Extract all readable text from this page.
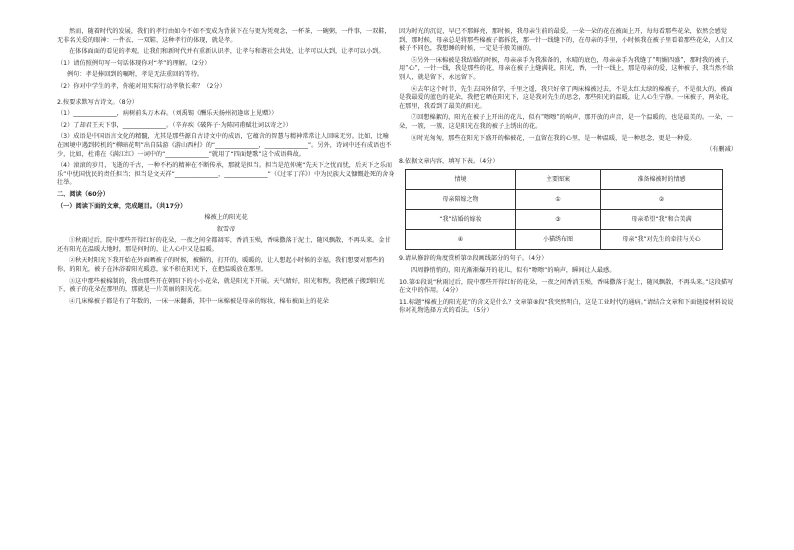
然而，随着时代的发展，我们的孝行由如今不如不变成为背景下在与更为凭观念，一杯茶，一碗粥，一件事，一双鞋，无非名关爱的眼神：一件衣、一双鞋、这种孝行的体现，就是孝。

在体体面面的看见的孝观，让我们和新时代并有重新认识孝，让孝与和谐社会共处，让孝可以大到，让孝可以小到。

（1）请仿照例句写一句话体现你对“孝”的理解。（2分）

例句：孝是捧回到的嘱咐，孝是无法重回的等待。

（2）你对中学生的孝，你能对用实际行动孝敬长辈？（2分）

2.按要求默写古诗文。（8分）

（1）______________，病树前头万木春。（刘禹锡《酬乐天扬州初逢席上见赠》）

（2）了却君王天下事，______________。（辛弃疾《破阵子·为陈同甫赋壮词以寄之》）

（3）成语是中国语言文化的精髓，尤其是那些源自古诗文中的成语，它蕴含的智慧与精神常常让人回味无穷。比如，比喻在困境中遇到转机的“柳暗花明”出自陆游《游山西村》的“______________，______________”。另外，诗词中还有成语也不少，比如，杜甫在《满江红》一词中的“______________”就用了“四面楚歌”这个成语典故。

（4）滚滚的岁月，飞逝的千古，一种不朽的精神在不断传承，那就是担当。担当是范仲淹“先天下之忧而忧，后天下之乐而乐”中忧国忧民的责任担当；担当是文天祥“______________，______________”（《过零丁洋》）中为民族大义慷慨赴死的舍身壮举。

二、阅读（60分）

（一）阅读下面的文章，完成题目。（共17分）

棉被上的阳光花

叙雪帝

①秋雨过后，院中那些开得红好的花朵，一夜之间全都凋零，香消玉殒，香味撒落于泥土，随风飘散，不再头来。金甘还有阳光在温暖大地时，那是何时的，让人心中又是温暖。

②秋天时阳光下我开始在外面晒被子的时候，被媚的，打开的，暖暖的，让人想起小时候的幸福，我们想要对那些的你，的阳光，被子在沐浴着阳光暖意，家不积在阳光下，在把温暖放在那里。

③这中那些被棉制的，我由那些开在朝阳下的小小花朵，就是阳光下开展。天气睛好，阳光和煦，我把被子搬到阳光下，被子的花朵在那里的，那就是一片美丽的阳光花。

④几床棉被子都是有了年数的，一床一床翻番，其中一床棉被是母亲的嫁妆，棉布被面上的花朵

因为时光的沉淀，早已不那鲜亮，那时候，我母亲生前的最爱，一朵一朵的花在被面上开，每每看那些花朵，依然会感觉到，那时候，母亲总是将那些棉被子都拆洗，那一针一线缝下的，在母亲的手里，小时候我在被子里看着那些花朵，人们又被子不同色，我想睡的时候，一定是千般美丽的。

⑤另外一床棉被是我结婚的时候，母亲亲手为我准备的，水晴的底色，母亲亲手为我缝了“明媚四盛”，那时我的被子，用“心”，一针一线，我是那些的花，母亲在被子上缝满花，阳光，香，一针一线上，那是母亲的爱，这种被子，我当然不给别人，就是留下，永远留下。

⑥去年这个时节，先生去国外留学，千里之遥，我只好拿了两床棉被过去，不是太红太绿的棉被子，不是很大的，被面是我最爱的蓝色的花朵，我把它晒在阳光下，这是我对先生的思念，那些阳光的温暖，让人心生宁静。一床被子，两朵花，在那里，我看到了最美的阳光。

⑦回想棉絮的，阳光在被子上开出的花儿，似有“嚓嚓”的响声，那开放的声音，是一个温暖的，也是最美的。一朵，一朵，一簇，一簇，这是阳光在我的被子上绣出的花。

⑧时光匆匆，那些在阳光下盛开的棉被花，一直留在我的心里，是一种温暖，是一种思念，更是一种爱。

（有删减）

8.依据文章内容，填写下表。（4分）

情境	主要图案	准备棉被时的情感
母亲陪嫁之物	①	②
“我”结婚的嫁妆	③	母亲希望“我”和合美满
④	小猫绣布图	母亲“我”对先生的牵挂与关心

9.请从修辞的角度赏析第⑦段画线部分的句子。（4分）

四周静悄悄的，阳光渐渐爆开的花儿，似有“嚓嚓”的响声，瞬间让人最感。

10.第①段说“秋雨过后，院中那些开得红好的花朵，一夜之间香消玉殒，香味撒落于泥土，随风飘散，不再头来。”这段描写在文中的作用。（4分）

11.标题“棉被上的阳光花”的含义是什么？文章第⑧段“我突然明白，这是工业时代的通病。”请结合文章和下面链接材料说说你对礼物选择方式的看法。（5分）
